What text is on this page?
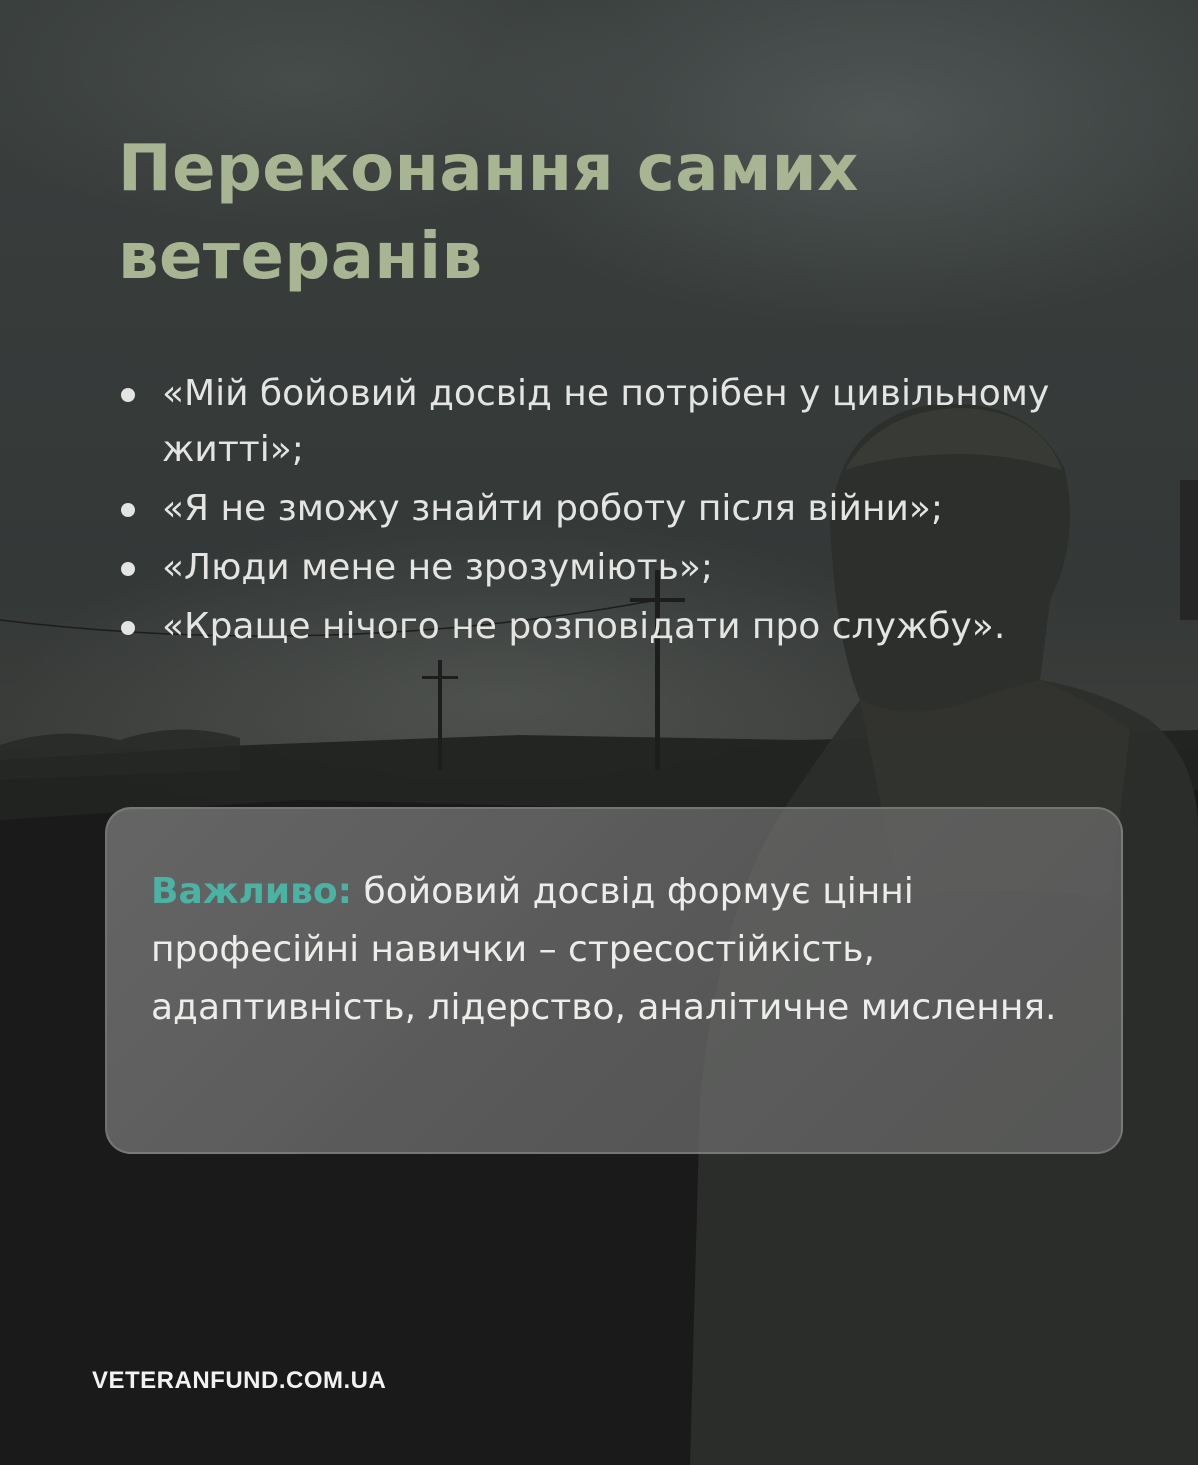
Переконання самих ветеранів
«Мій бойовий досвід не потрібен у цивільному житті»;
«Я не зможу знайти роботу після війни»;
«Люди мене не зрозуміють»;
«Краще нічого не розповідати про службу».

Важливо: бойовий досвід формує цінні професійні навички – стресостійкість, адаптивність, лідерство, аналітичне мислення.

VETERANFUND.COM.UA
